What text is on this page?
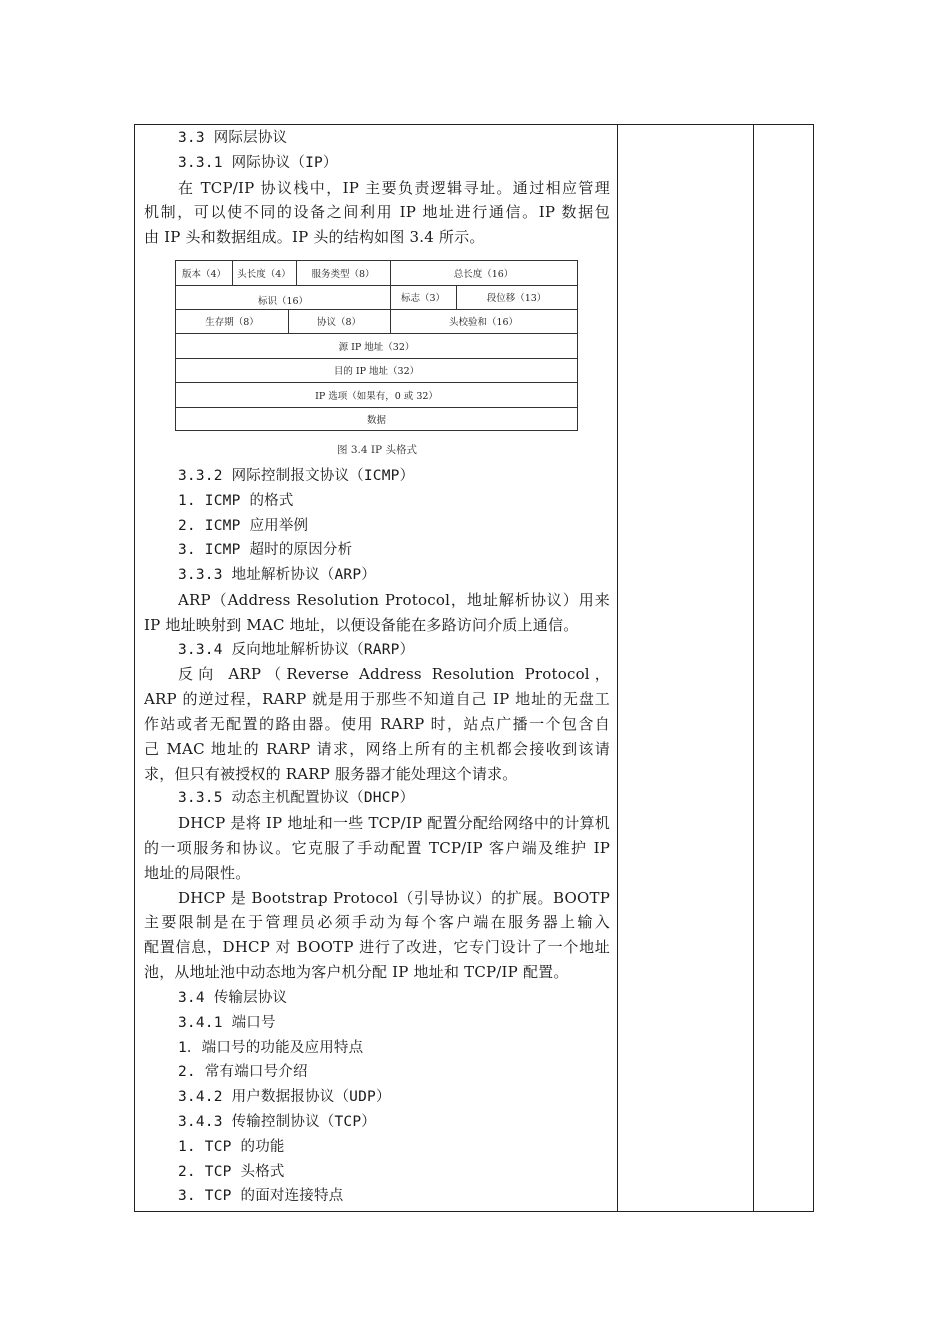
3.3 网际层协议
3.3.1 网际协议（IP）
在 TCP/IP 协议栈中，IP 主要负责逻辑寻址。通过相应管理
机制，可以使不同的设备之间利用 IP 地址进行通信。IP 数据包
由 IP 头和数据组成。IP 头的结构如图 3.4 所示。
3.3.2 网际控制报文协议（ICMP）
1. ICMP 的格式
2. ICMP 应用举例
3. ICMP 超时的原因分析
3.3.3 地址解析协议（ARP）
ARP（Address Resolution Protocol，地址解析协议）用来
IP 地址映射到 MAC 地址，以便设备能在多路访问介质上通信。
3.3.4 反向地址解析协议（RARP）
反向 ARP（Reverse Address Resolution Protocol，
ARP 的逆过程，RARP 就是用于那些不知道自己 IP 地址的无盘工
作站或者无配置的路由器。使用 RARP 时，站点广播一个包含自
己 MAC 地址的 RARP 请求，网络上所有的主机都会接收到该请
求，但只有被授权的 RARP 服务器才能处理这个请求。
3.3.5 动态主机配置协议（DHCP）
DHCP 是将 IP 地址和一些 TCP/IP 配置分配给网络中的计算机
的一项服务和协议。它克服了手动配置 TCP/IP 客户端及维护 IP
地址的局限性。
DHCP 是 Bootstrap Protocol（引导协议）的扩展。BOOTP
主要限制是在于管理员必须手动为每个客户端在服务器上输入
配置信息，DHCP 对 BOOTP 进行了改进，它专门设计了一个地址
池，从地址池中动态地为客户机分配 IP 地址和 TCP/IP 配置。
3.4 传输层协议
3.4.1 端口号
1．端口号的功能及应用特点
2. 常有端口号介绍
3.4.2 用户数据报协议（UDP）
3.4.3 传输控制协议（TCP）
1. TCP 的功能
2. TCP 头格式
3. TCP 的面对连接特点
版本（4）	头长度（4）	服务类型（8）	总长度（16）
标识（16）	标志（3）	段位移（13）
生存期（8）	协议（8）	头校验和（16）
源 IP 地址（32）
目的 IP 地址（32）
IP 选项（如果有，0 或 32）
数据
图 3.4 IP 头格式
